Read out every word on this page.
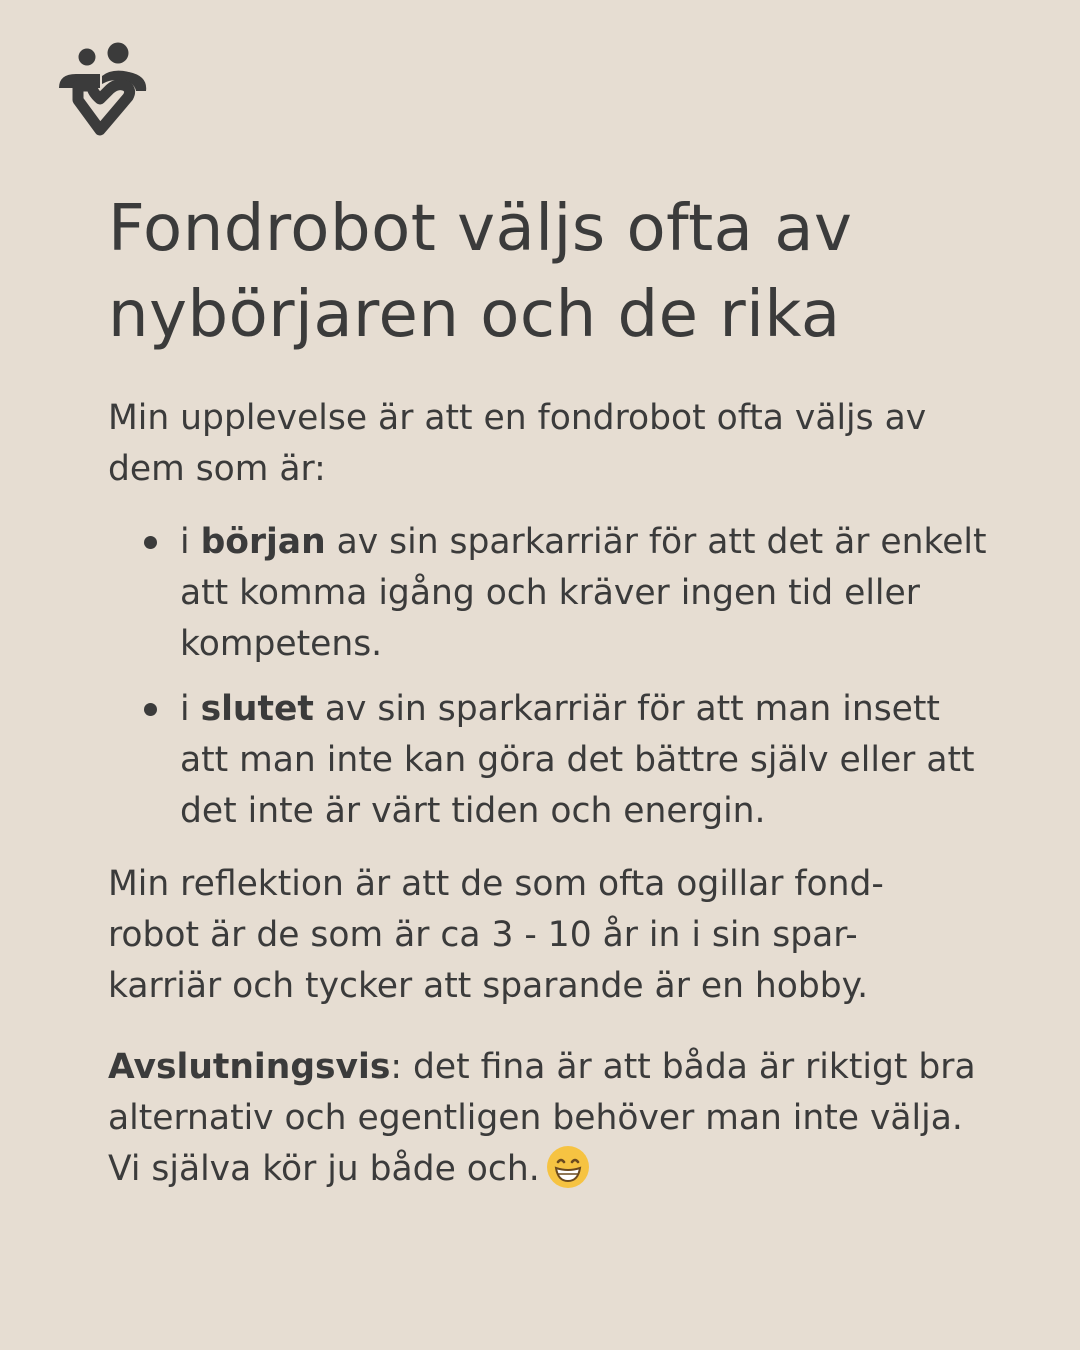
Fondrobot väljs ofta av
nybörjaren och de rika

Min upplevelse är att en fondrobot ofta väljs av dem som är:

i början av sin sparkarriär för att det är enkelt att komma igång och kräver ingen tid eller kompetens.
i slutet av sin sparkarriär för att man insett att man inte kan göra det bättre själv eller att det inte är värt tiden och energin.

Min reflektion är att de som ofta ogillar fond-
robot är de som är ca 3 - 10 år in i sin spar-
karriär och tycker att sparande är en hobby.

Avslutningsvis: det fina är att båda är riktigt bra alternativ och egentligen behöver man inte välja. Vi själva kör ju både och.
